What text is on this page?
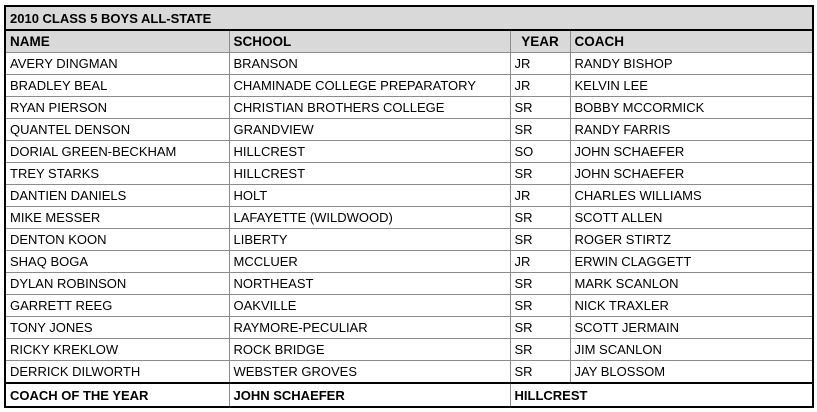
2010 CLASS 5 BOYS ALL-STATE			
NAME	SCHOOL	YEAR	COACH
AVERY DINGMAN	BRANSON	JR	RANDY BISHOP
BRADLEY BEAL	CHAMINADE COLLEGE PREPARATORY	JR	KELVIN LEE
RYAN PIERSON	CHRISTIAN BROTHERS COLLEGE	SR	BOBBY MCCORMICK
QUANTEL DENSON	GRANDVIEW	SR	RANDY FARRIS
DORIAL GREEN-BECKHAM	HILLCREST	SO	JOHN SCHAEFER
TREY STARKS	HILLCREST	SR	JOHN SCHAEFER
DANTIEN DANIELS	HOLT	JR	CHARLES WILLIAMS
MIKE MESSER	LAFAYETTE (WILDWOOD)	SR	SCOTT ALLEN
DENTON KOON	LIBERTY	SR	ROGER STIRTZ
SHAQ BOGA	MCCLUER	JR	ERWIN CLAGGETT
DYLAN ROBINSON	NORTHEAST	SR	MARK SCANLON
GARRETT REEG	OAKVILLE	SR	NICK TRAXLER
TONY JONES	RAYMORE-PECULIAR	SR	SCOTT JERMAIN
RICKY KREKLOW	ROCK BRIDGE	SR	JIM SCANLON
DERRICK DILWORTH	WEBSTER GROVES	SR	JAY BLOSSOM
COACH OF THE YEAR	JOHN SCHAEFER	HILLCREST	
